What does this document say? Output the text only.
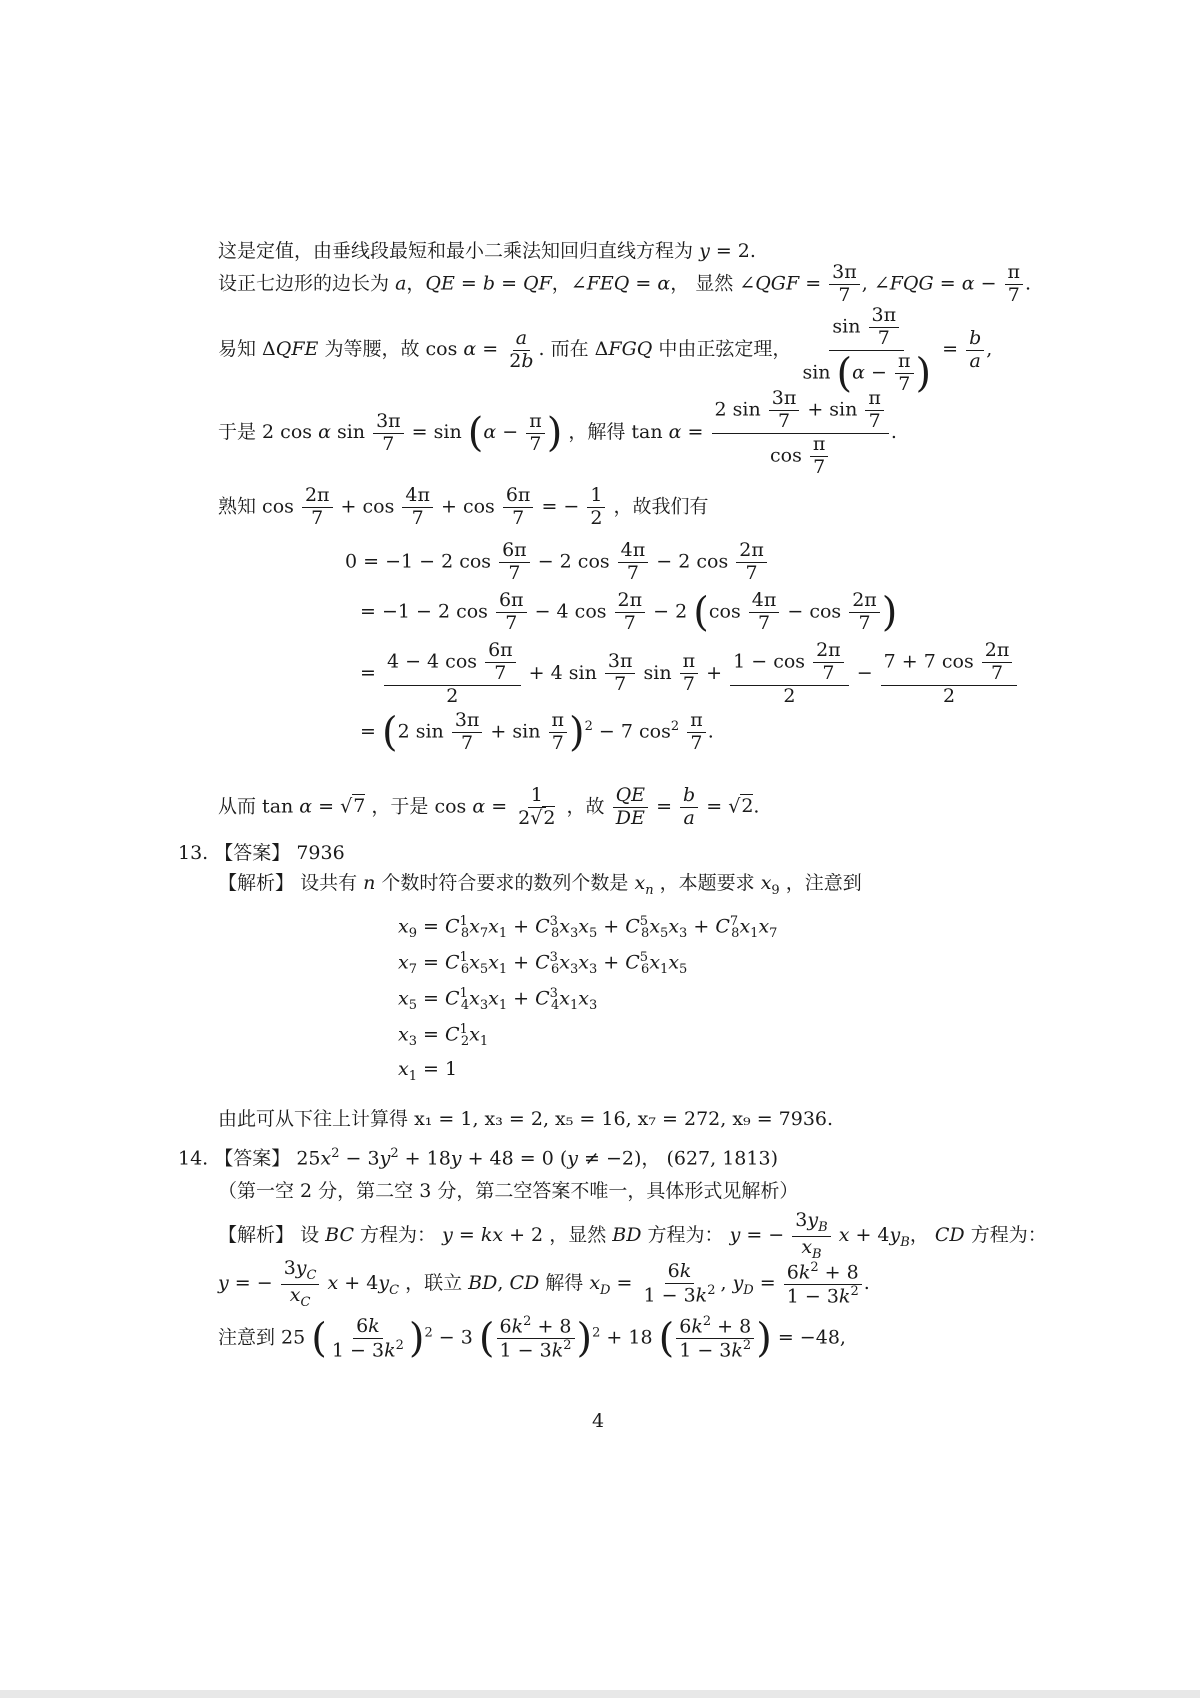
这是定值，由垂线段最短和最小二乘法知回归直线方程为 y = 2.
设正七边形的边长为 a，QE = b = QF，∠FEQ = α， 显然 ∠QGF = $\frac{3\pi}{7}$ , ∠FQG = $\alpha - \frac{\pi}{7}$ .
易知 ΔQFE 为等腰，故 $\cos \alpha = \frac{a}{2b}$ . 而在 ΔFGQ 中由正弦定理， $\frac{\sin \frac{3\pi}{7}}{\sin (\alpha - \frac{\pi}{7} )} = \frac{b}{a}$ ,
于是 2 cos α $\sin \frac{3\pi}{7} = \sin (\alpha - \frac{\pi}{7}$ ) ，解得 $\tan \alpha = \frac{2 \sin \frac{3\pi}{7} + \sin \frac{\pi}{7}}{\cos \frac{\pi}{7}}$ .
熟知 $\cos \frac{2\pi}{7} + \cos \frac{4\pi}{7} + \cos \frac{6\pi}{7}$ = − $\frac{1}{2}$ ，故我们有
0 = −1 − 2 $\cos \frac{6\pi}{7} - 2$ $\cos \frac{4\pi}{7} - 2$ $\cos \frac{2\pi}{7}$
= −1 − 2 $\cos \frac{6\pi}{7} - 4$ $\cos \frac{2\pi}{7} - 2$ ($\cos \frac{4\pi}{7} - \cos \frac{2\pi}{7}$ )
= $\frac{4 - 4 \cos \frac{6\pi}{7}}{2} + 4$ $\sin \frac{3\pi}{7}$ $\sin \frac{\pi}{7} + \frac{1 - \cos \frac{2\pi}{7}}{2} - \frac{7 + 7 \cos \frac{2\pi}{7}}{2}$
= (2 $\sin \frac{3\pi}{7} + \sin \frac{\pi}{7} )^2 - 7$ $\cos^2 \frac{\pi}{7}$ .
从而 tan α = √7 ，于是 $\cos \alpha = \frac{1}{2√2}$ ，故 $\frac{QE}{DE} = \frac{b}{a} = √2$.
13. 【答案】 7936
【解析】 设共有 n 个数时符合要求的数列个数是 $x_n$ ，本题要求 $x_9$ ，注意到
$x_9 = C^1_8x_7x_1 + C^3_8x_3x_5 + C^5_8x_5x_3 + C^7_8x_1x_7$
$x_7 = C^1_6x_5x_1 + C^3_6x_3x_3 + C^5_6x_1x_5$
$x_5 = C^1_4x_3x_1 + C^3_4x_1x_3$
$x_3 = C^1_2x_1$
$x_1 = 1$
由此可从下往上计算得 x₁ = 1, x₃ = 2, x₅ = 16, x₇ = 272, x₉ = 7936.
14. 【答案】 $25x^2 - 3y^2 + 18y + 48 = 0$ (y ≠ −2)， (627, 1813)
（第一空 2 分，第二空 3 分，第二空答案不唯一，具体形式见解析）
【解析】 设 BC 方程为： y = kx + 2 ，显然 BD 方程为： y = − $\frac{3y_B}{x_B}$ $x + 4y_B$， CD 方程为：
y = − $\frac{3y_C}{x_C}$ $x + 4y_C$ ，联立 BD, CD 解得 $x_D = \frac{6k}{1 - 3k^2}$ , $y_D = \frac{6k^2 + 8}{1 - 3k^2}$ .
注意到 25 ( $\frac{6k}{1 - 3k^2} )^2 - 3$ ( $\frac{6k^2 + 8}{1 - 3k^2} )^2 + 18$ ( $\frac{6k^2 + 8}{1 - 3k^2}$ ) = −48,
4
